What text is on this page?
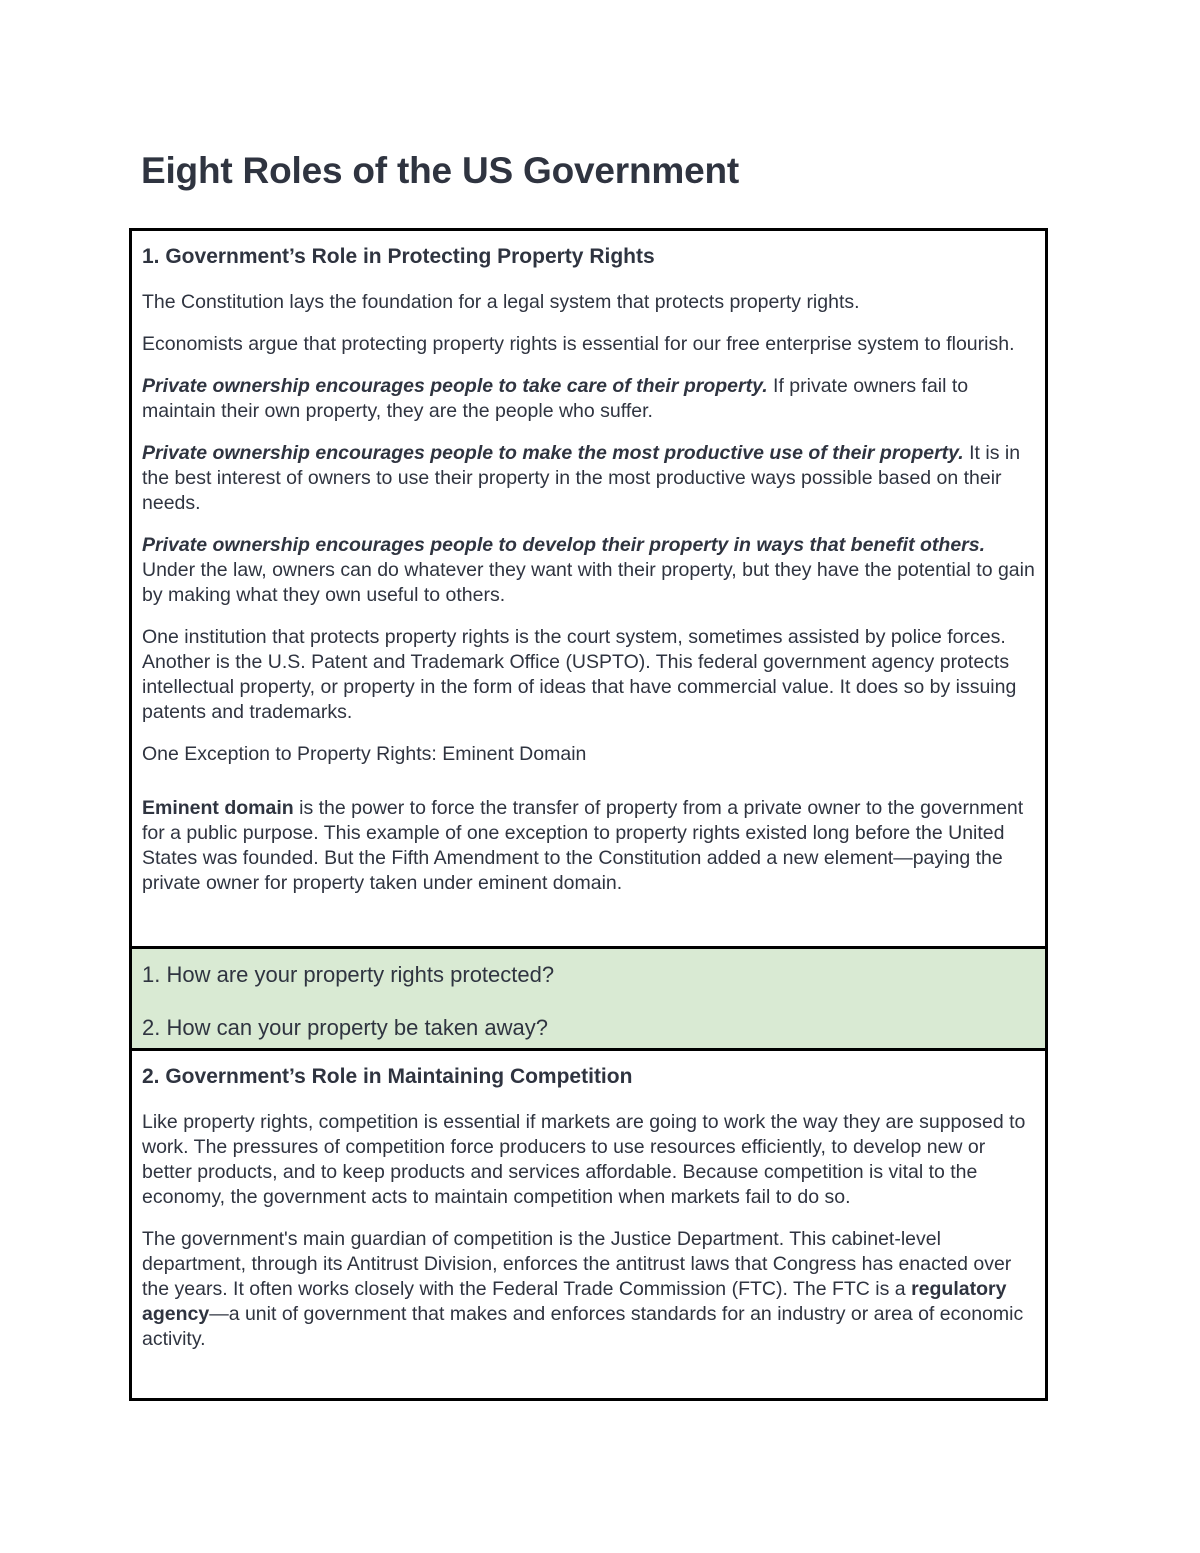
Eight Roles of the US Government
1. Government’s Role in Protecting Property Rights

The Constitution lays the foundation for a legal system that protects property rights.

Economists argue that protecting property rights is essential for our free enterprise system to flourish.

Private ownership encourages people to take care of their property. If private owners fail to maintain their own property, they are the people who suffer.

Private ownership encourages people to make the most productive use of their property. It is in the best interest of owners to use their property in the most productive ways possible based on their needs.

Private ownership encourages people to develop their property in ways that benefit others. Under the law, owners can do whatever they want with their property, but they have the potential to gain by making what they own useful to others.

One institution that protects property rights is the court system, sometimes assisted by police forces. Another is the U.S. Patent and Trademark Office (USPTO). This federal government agency protects intellectual property, or property in the form of ideas that have commercial value. It does so by issuing patents and trademarks.

One Exception to Property Rights: Eminent Domain

Eminent domain is the power to force the transfer of property from a private owner to the government for a public purpose. This example of one exception to property rights existed long before the United States was founded. But the Fifth Amendment to the Constitution added a new element—paying the private owner for property taken under eminent domain.

1. How are your property rights protected?

2. How can your property be taken away?

2. Government’s Role in Maintaining Competition

Like property rights, competition is essential if markets are going to work the way they are supposed to work. The pressures of competition force producers to use resources efficiently, to develop new or better products, and to keep products and services affordable. Because competition is vital to the economy, the government acts to maintain competition when markets fail to do so.

The government's main guardian of competition is the Justice Department. This cabinet-level department, through its Antitrust Division, enforces the antitrust laws that Congress has enacted over the years. It often works closely with the Federal Trade Commission (FTC). The FTC is a regulatory agency—a unit of government that makes and enforces standards for an industry or area of economic activity.
